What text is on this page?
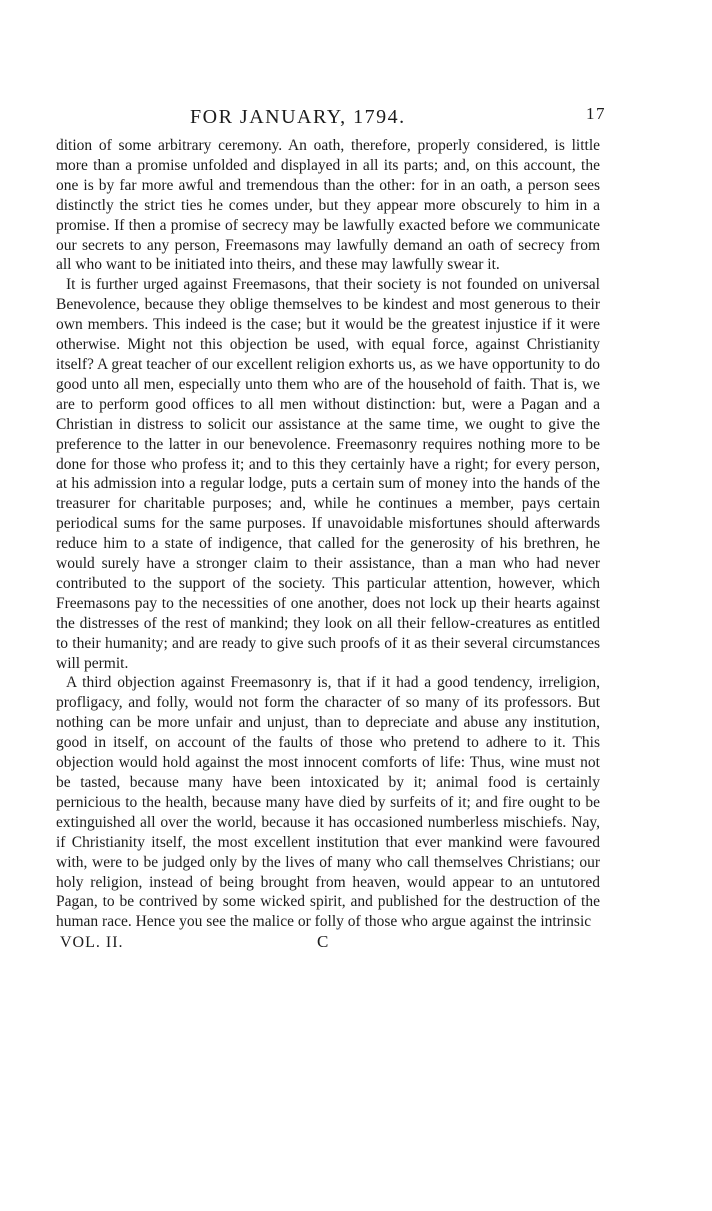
FOR JANUARY, 1794.	17

dition of some arbitrary ceremony. An oath, therefore, properly considered, is little more than a promise unfolded and displayed in all its parts; and, on this account, the one is by far more awful and tremendous than the other: for in an oath, a person sees distinctly the strict ties he comes under, but they appear more obscurely to him in a promise. If then a promise of secrecy may be lawfully exacted before we communicate our secrets to any person, Freemasons may lawfully demand an oath of secrecy from all who want to be initiated into theirs, and these may lawfully swear it.

It is further urged against Freemasons, that their society is not founded on universal Benevolence, because they oblige themselves to be kindest and most generous to their own members. This indeed is the case; but it would be the greatest injustice if it were otherwise. Might not this objection be used, with equal force, against Christianity itself? A great teacher of our excellent religion exhorts us, as we have opportunity to do good unto all men, especially unto them who are of the household of faith. That is, we are to perform good offices to all men without distinction: but, were a Pagan and a Christian in distress to solicit our assistance at the same time, we ought to give the preference to the latter in our benevolence. Freemasonry requires nothing more to be done for those who profess it; and to this they certainly have a right; for every person, at his admission into a regular lodge, puts a certain sum of money into the hands of the treasurer for charitable purposes; and, while he continues a member, pays certain periodical sums for the same purposes. If unavoidable misfortunes should afterwards reduce him to a state of indigence, that called for the generosity of his brethren, he would surely have a stronger claim to their assistance, than a man who had never contributed to the support of the society. This particular attention, however, which Freemasons pay to the necessities of one another, does not lock up their hearts against the distresses of the rest of mankind; they look on all their fellow-creatures as entitled to their humanity; and are ready to give such proofs of it as their several circumstances will permit.

A third objection against Freemasonry is, that if it had a good tendency, irreligion, profligacy, and folly, would not form the character of so many of its professors. But nothing can be more unfair and unjust, than to depreciate and abuse any institution, good in itself, on account of the faults of those who pretend to adhere to it. This objection would hold against the most innocent comforts of life: Thus, wine must not be tasted, because many have been intoxicated by it; animal food is certainly pernicious to the health, because many have died by surfeits of it; and fire ought to be extinguished all over the world, because it has occasioned numberless mischiefs. Nay, if Christianity itself, the most excellent institution that ever mankind were favoured with, were to be judged only by the lives of many who call themselves Christians; our holy religion, instead of being brought from heaven, would appear to an untutored Pagan, to be contrived by some wicked spirit, and published for the destruction of the human race. Hence you see the malice or folly of those who argue against the intrinsic

VOL. II.	C
